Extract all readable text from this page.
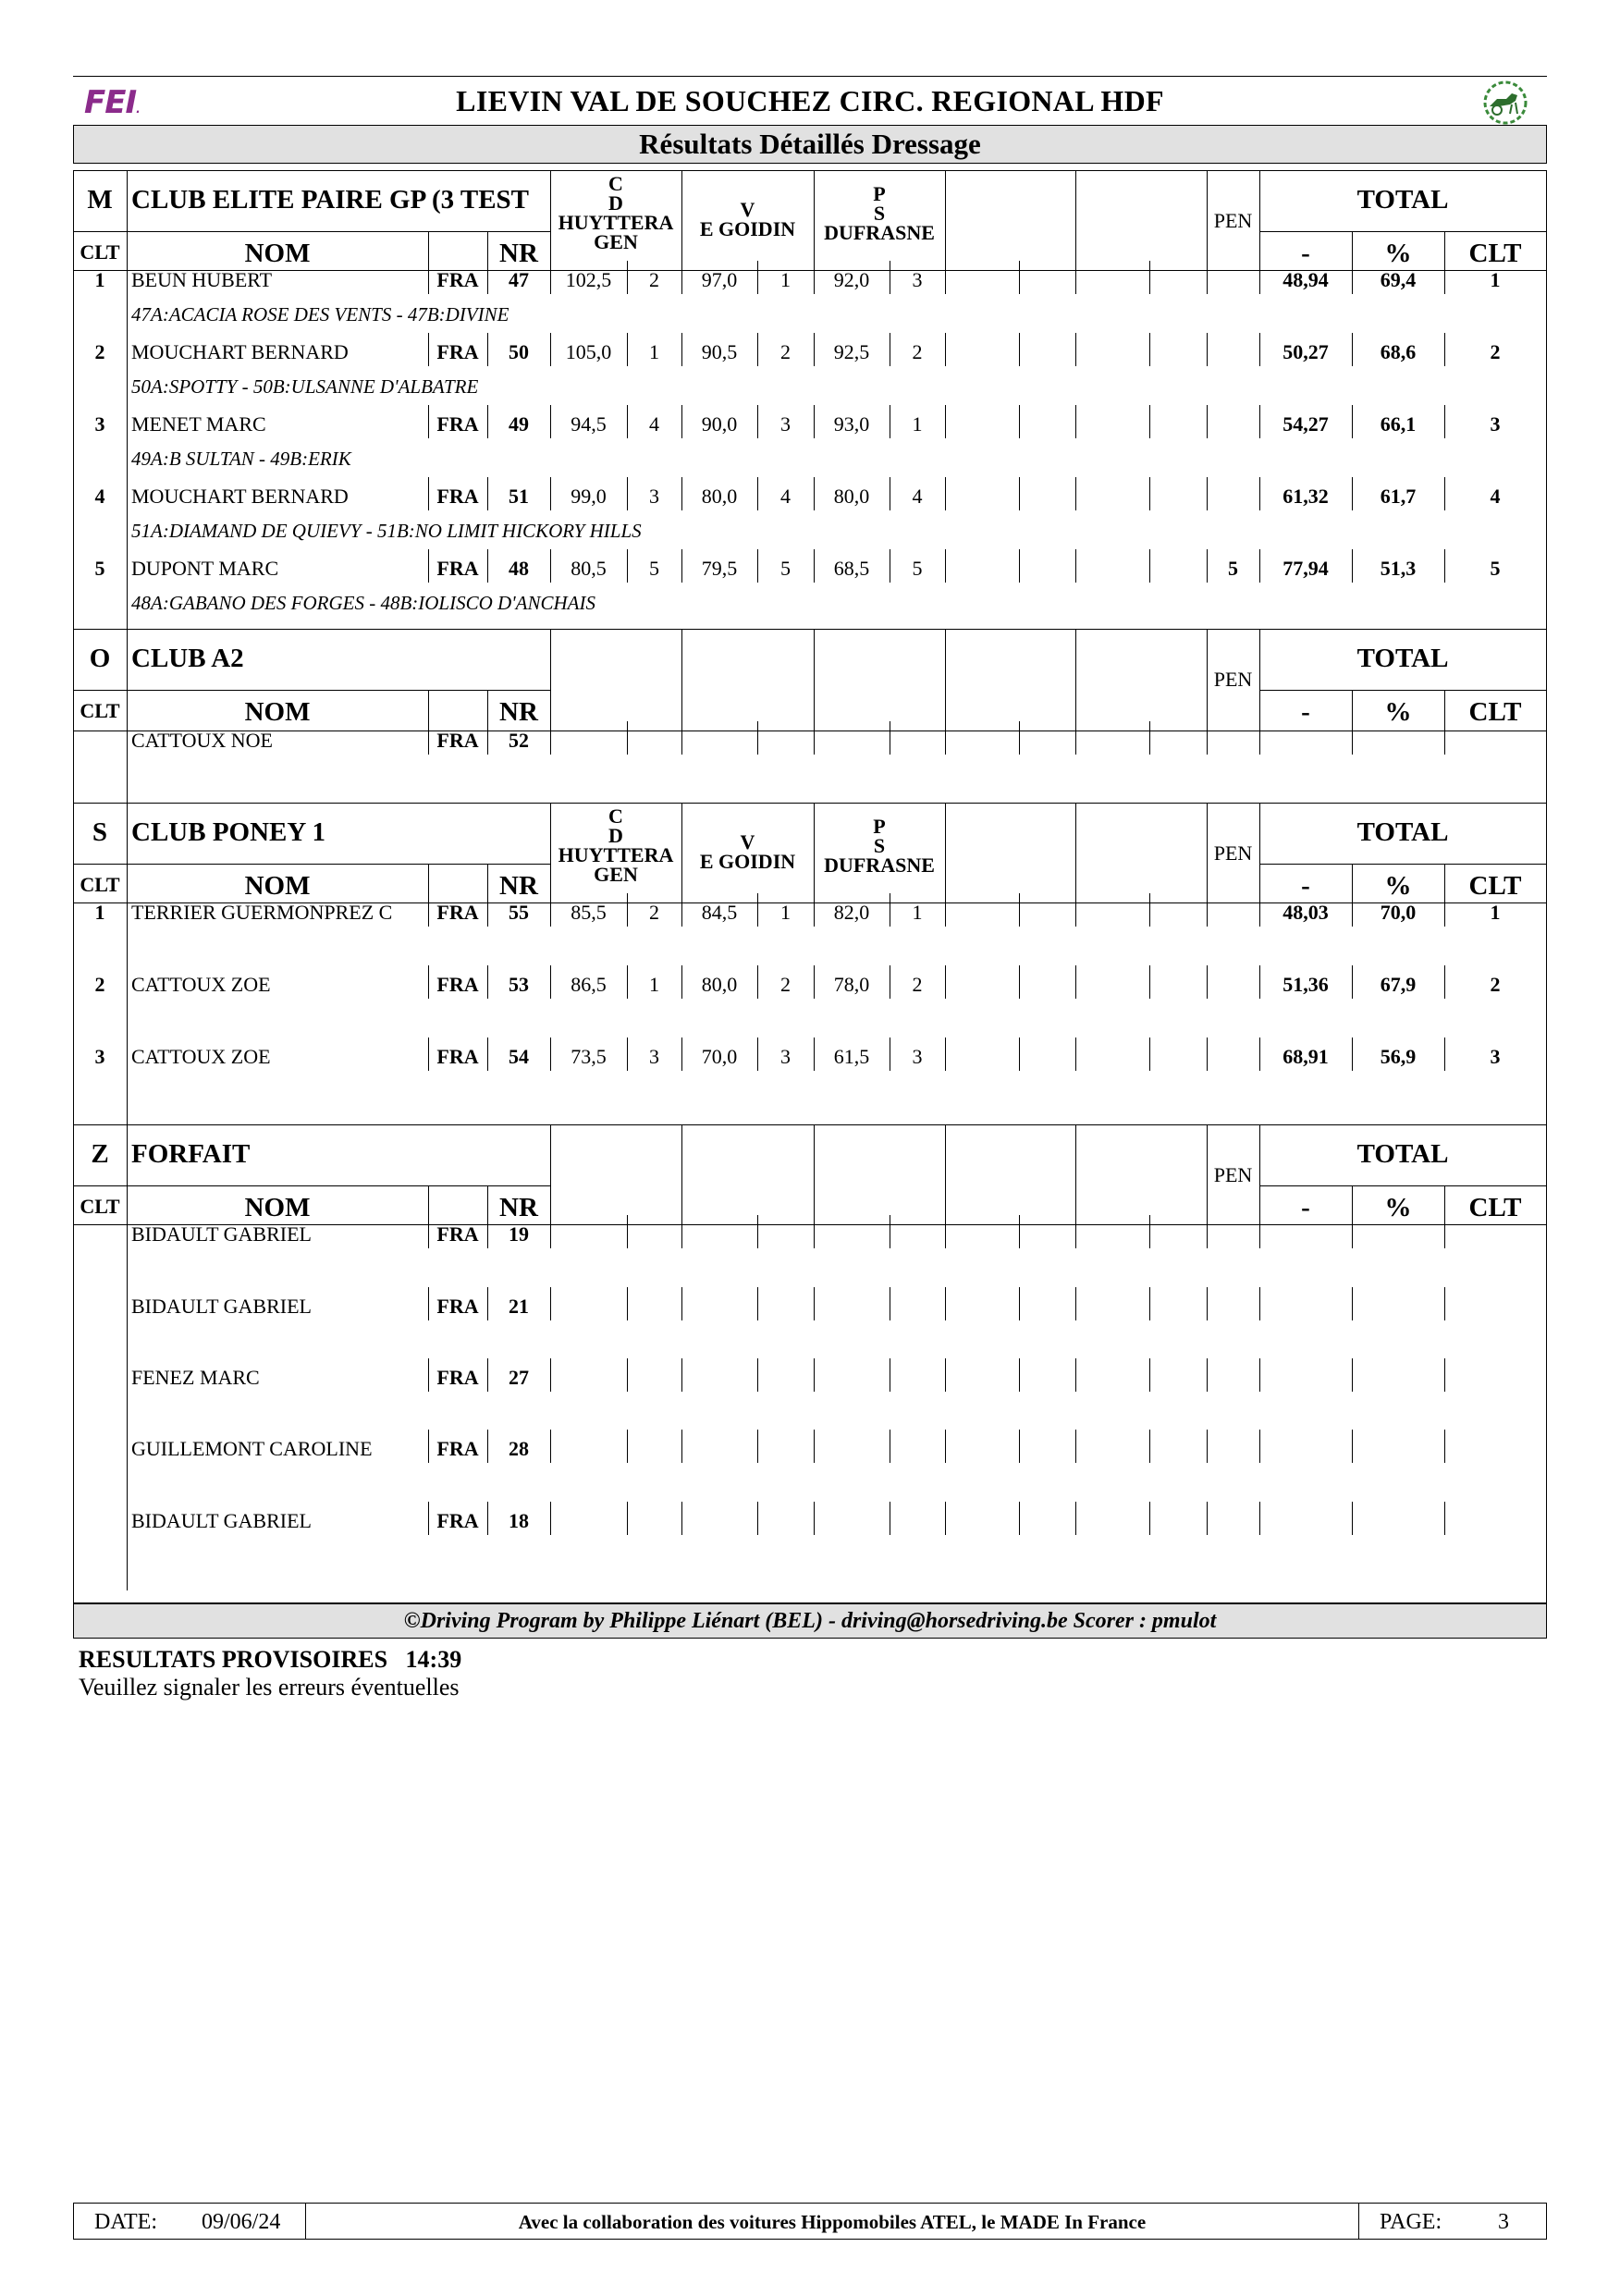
FEI.	LIEVIN VAL DE SOUCHEZ CIRC. REGIONAL HDF
Résultats Détaillés Dressage
M CLUB ELITE PAIRE GP (3 TEST
CLT	NOM	NR
PEN
TOTAL
-	%	CLT
C
D
HUYTTERA
GEN
V
E GOIDIN
P
S
DUFRASNE
1	BEUN HUBERT	FRA	47	102,5	2	97,0	1	92,0	3	48,94	69,4	1
47A:ACACIA ROSE DES VENTS - 47B:DIVINE
2	MOUCHART BERNARD	FRA	50	105,0	1	90,5	2	92,5	2	50,27	68,6	2
50A:SPOTTY - 50B:ULSANNE D'ALBATRE
3	MENET MARC	FRA	49	94,5	4	90,0	3	93,0	1	54,27	66,1	3
49A:B SULTAN - 49B:ERIK
4	MOUCHART BERNARD	FRA	51	99,0	3	80,0	4	80,0	4	61,32	61,7	4
51A:DIAMAND DE QUIEVY - 51B:NO LIMIT HICKORY HILLS
5	DUPONT MARC	FRA	48	80,5	5	79,5	5	68,5	5	5	77,94	51,3	5
48A:GABANO DES FORGES - 48B:IOLISCO D'ANCHAIS
O CLUB A2
CLT	NOM	NR
PEN
TOTAL
-	%	CLT
CATTOUX NOE	FRA	52
S CLUB PONEY 1
CLT	NOM	NR
PEN
TOTAL
-	%	CLT
C
D
HUYTTERA
GEN
V
E GOIDIN
P
S
DUFRASNE
1	TERRIER GUERMONPREZ C	FRA	55	85,5	2	84,5	1	82,0	1	48,03	70,0	1
2	CATTOUX ZOE	FRA	53	86,5	1	80,0	2	78,0	2	51,36	67,9	2
3	CATTOUX ZOE	FRA	54	73,5	3	70,0	3	61,5	3	68,91	56,9	3
Z FORFAIT
CLT	NOM	NR
PEN
TOTAL
-	%	CLT
BIDAULT GABRIEL	FRA	19
BIDAULT GABRIEL	FRA	21
FENEZ MARC	FRA	27
GUILLEMONT CAROLINE	FRA	28
BIDAULT GABRIEL	FRA	18
©Driving Program by Philippe Liénart (BEL) - driving@horsedriving.be Scorer : pmulot
RESULTATS PROVISOIRES 14:39
Veuillez signaler les erreurs éventuelles
DATE: 09/06/24	Avec la collaboration des voitures Hippomobiles ATEL, le MADE In France	PAGE:	3
